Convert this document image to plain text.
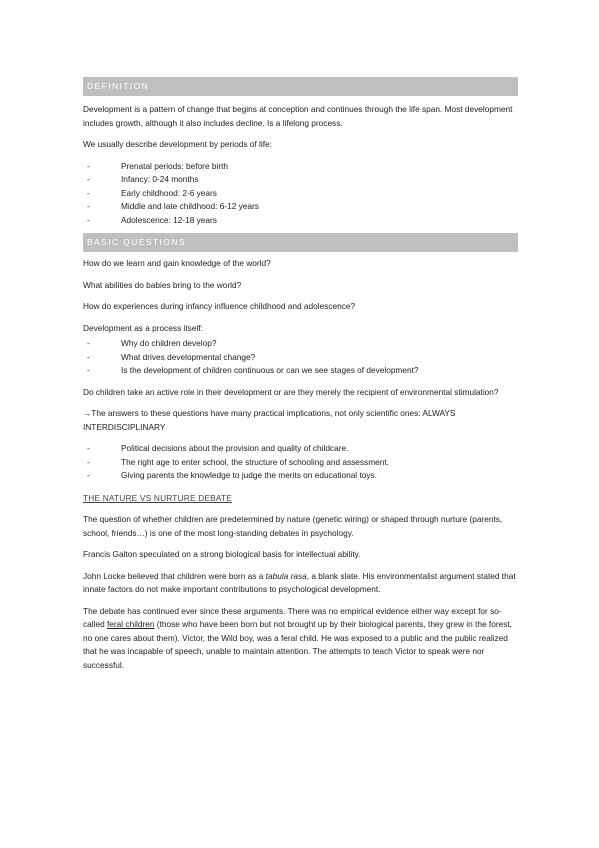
DEFINITION

Development is a pattern of change that begins at conception and continues through the life span. Most development includes growth, although it also includes decline. Is a lifelong process.

We usually describe development by periods of life:

- Prenatal periods: before birth
- Infancy: 0-24 months
- Early childhood: 2-6 years
- Middle and late childhood: 6-12 years
- Adolescence: 12-18 years
BASIC QUESTIONS

How do we learn and gain knowledge of the world?

What abilities do babies bring to the world?

How do experiences during infancy influence childhood and adolescence?

Development as a process itself:

- Why do children develop?
- What drives developmental change?
- Is the development of children continuous or can we see stages of development?

Do children take an active role in their development or are they merely the recipient of environmental stimulation?

→The answers to these questions have many practical implications, not only scientific ones: ALWAYS INTERDISCIPLINARY

- Political decisions about the provision and quality of childcare.
- The right age to enter school, the structure of schooling and assessment.
- Giving parents the knowledge to judge the merits on educational toys.
THE NATURE VS NURTURE DEBATE

The question of whether children are predetermined by nature (genetic wiring) or shaped through nurture (parents, school, friends…) is one of the most long-standing debates in psychology.

Francis Galton speculated on a strong biological basis for intellectual ability.

John Locke believed that children were born as a tabula rasa, a blank slate. His environmentalist argument stated that innate factors do not make important contributions to psychological development.

The debate has continued ever since these arguments. There was no empirical evidence either way except for so-called feral children (those who have been born but not brought up by their biological parents, they grew in the forest, no one cares about them). Victor, the Wild boy, was a feral child. He was exposed to a public and the public realized that he was incapable of speech, unable to maintain attention. The attempts to teach Victor to speak were nor successful.
